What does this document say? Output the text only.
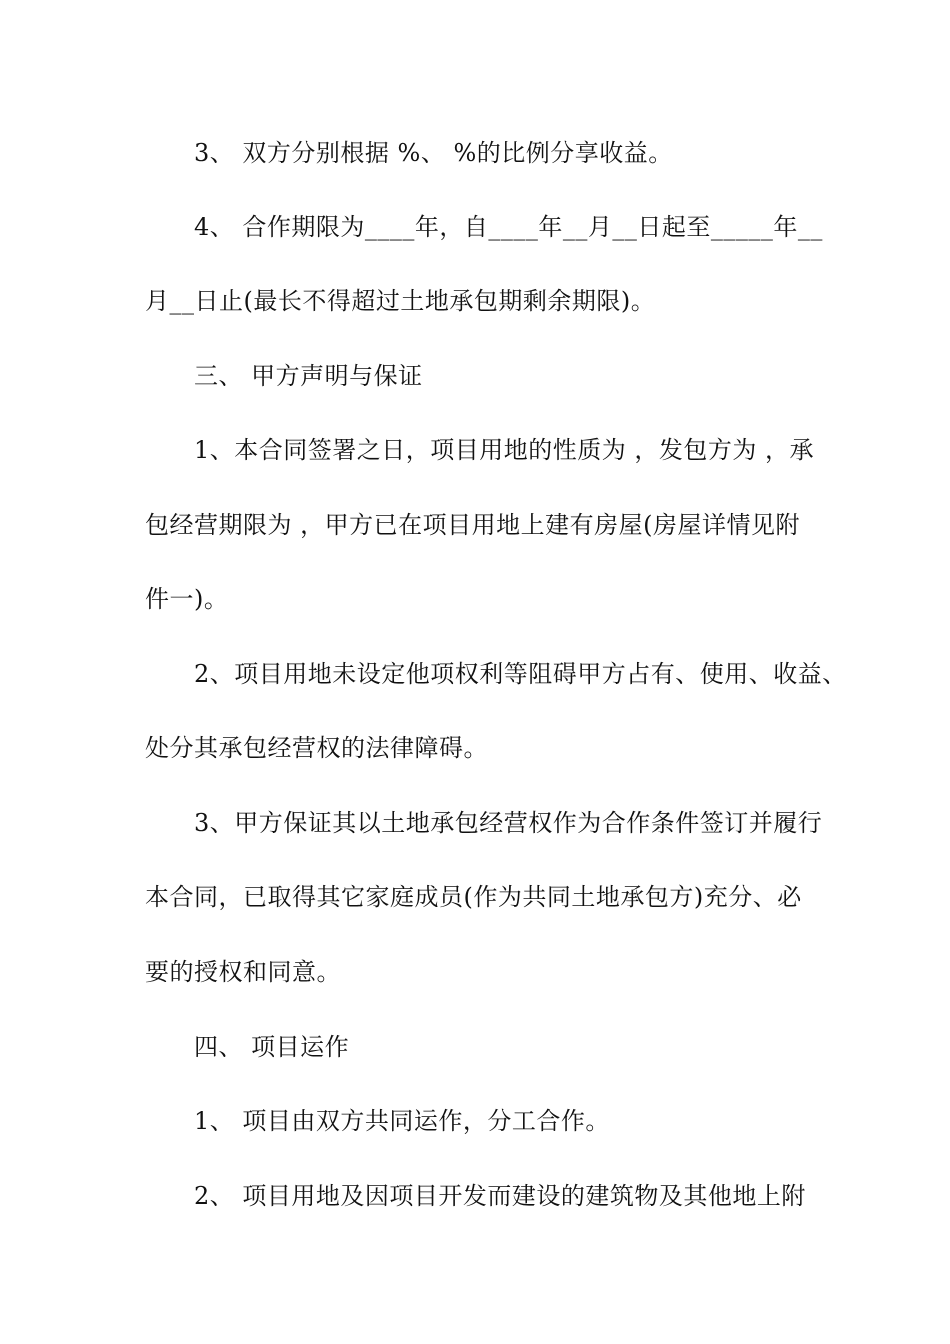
　　3、 双方分别根据 %、 %的比例分享收益。
　　4、 合作期限为____年，自____年__月__日起至_____年__
月__日止(最长不得超过土地承包期剩余期限)。
　　三、 甲方声明与保证
　　1、本合同签署之日，项目用地的性质为 ，发包方为 ，承
包经营期限为 ，甲方已在项目用地上建有房屋(房屋详情见附
件一)。
　　2、项目用地未设定他项权利等阻碍甲方占有、使用、收益、
处分其承包经营权的法律障碍。
　　3、甲方保证其以土地承包经营权作为合作条件签订并履行
本合同，已取得其它家庭成员(作为共同土地承包方)充分、必
要的授权和同意。
　　四、 项目运作
　　1、 项目由双方共同运作，分工合作。
　　2、 项目用地及因项目开发而建设的建筑物及其他地上附
